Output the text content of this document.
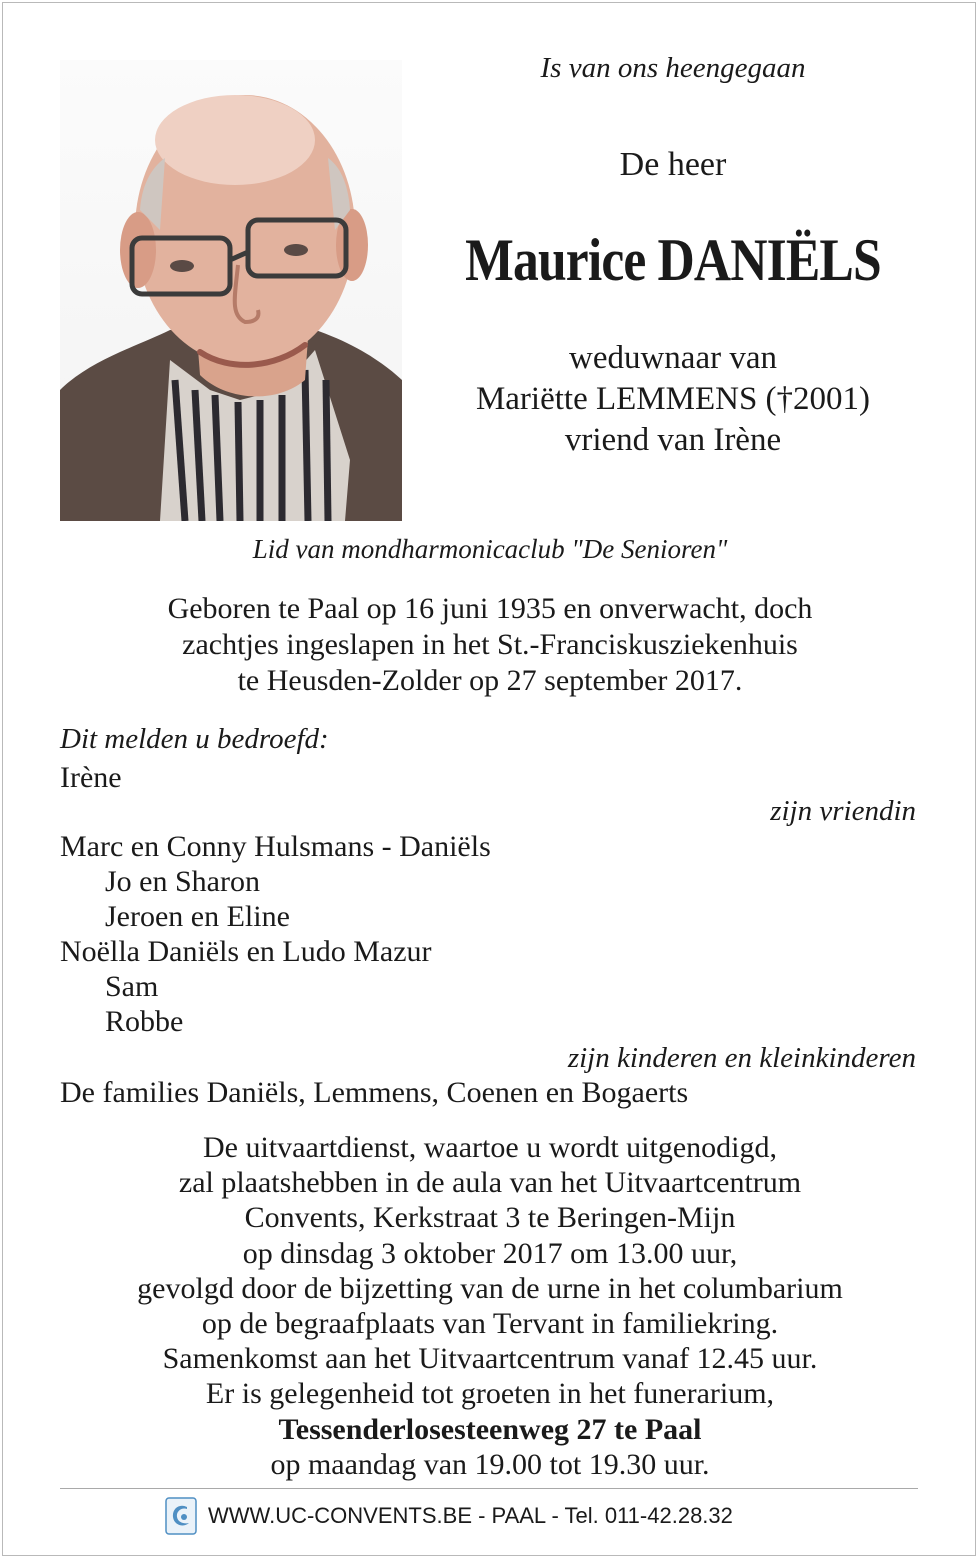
Is van ons heengegaan
De heer
Maurice DANIËLS
weduwnaar van
Mariëtte LEMMENS (†2001)
vriend van Irène
Lid van mondharmonicaclub "De Senioren"
Geboren te Paal op 16 juni 1935 en onverwacht, doch
zachtjes ingeslapen in het St.-Franciskusziekenhuis
te Heusden-Zolder op 27 september 2017.
Dit melden u bedroefd:
Irène
zijn vriendin
Marc en Conny Hulsmans - Daniëls
Jo en Sharon
Jeroen en Eline
Noëlla Daniëls en Ludo Mazur
Sam
Robbe
zijn kinderen en kleinkinderen
De families Daniëls, Lemmens, Coenen en Bogaerts
De uitvaartdienst, waartoe u wordt uitgenodigd,
zal plaatshebben in de aula van het Uitvaartcentrum
Convents, Kerkstraat 3 te Beringen-Mijn
op dinsdag 3 oktober 2017 om 13.00 uur,
gevolgd door de bijzetting van de urne in het columbarium
op de begraafplaats van Tervant in familiekring.
Samenkomst aan het Uitvaartcentrum vanaf 12.45 uur.
Er is gelegenheid tot groeten in het funerarium,
Tessenderlosesteenweg 27 te Paal
op maandag van 19.00 tot 19.30 uur.
WWW.UC-CONVENTS.BE - PAAL - Tel. 011-42.28.32
